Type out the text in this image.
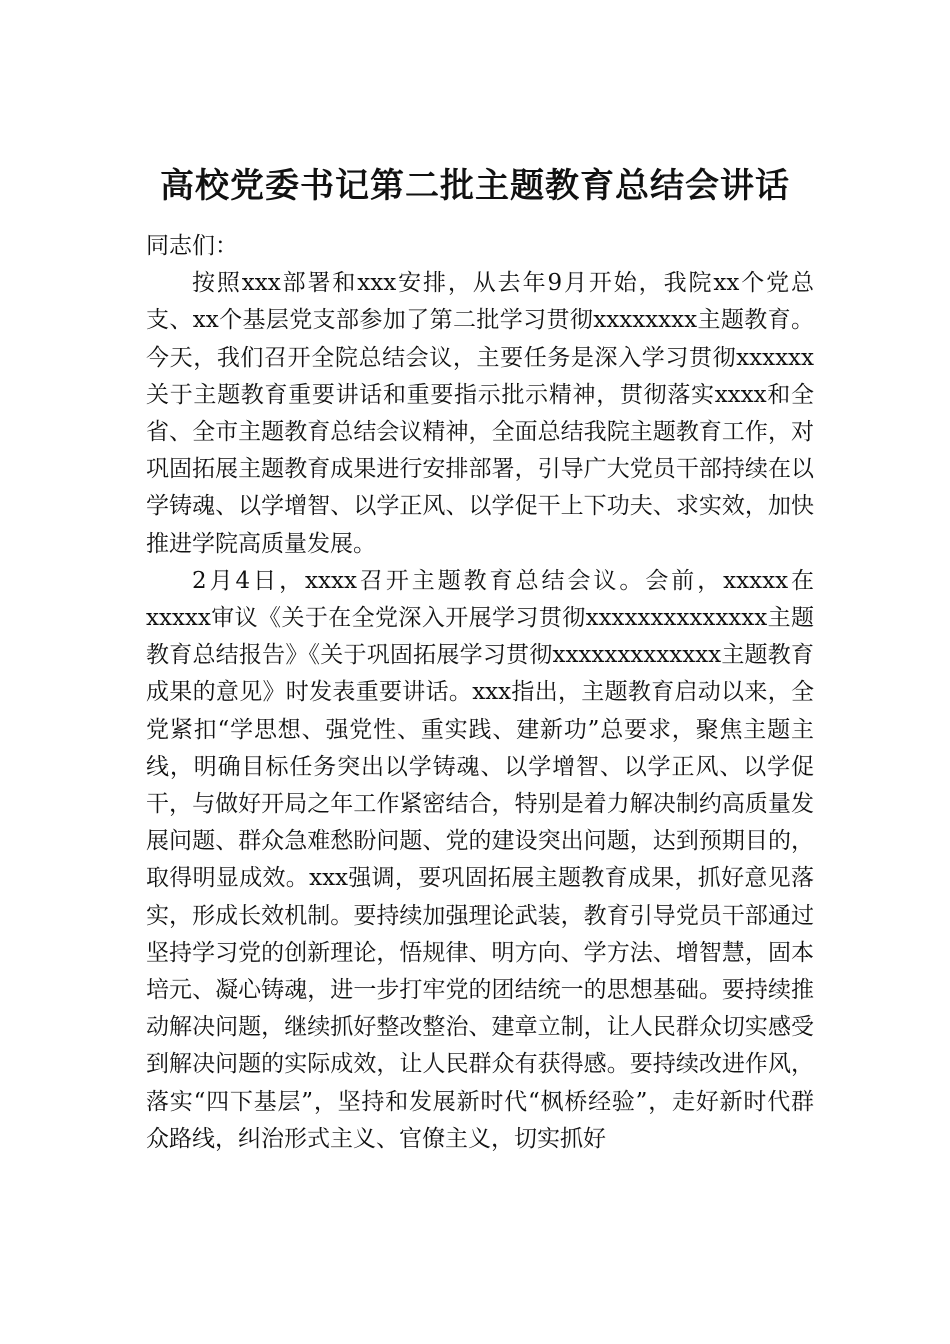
高校党委书记第二批主题教育总结会讲话

同志们：

按照xxx部署和xxx安排，从去年9月开始，我院xx个党总支、xx个基层党支部参加了第二批学习贯彻xxxxxxxx主题教育。今天，我们召开全院总结会议，主要任务是深入学习贯彻xxxxxx关于主题教育重要讲话和重要指示批示精神，贯彻落实xxxx和全省、全市主题教育总结会议精神，全面总结我院主题教育工作，对巩固拓展主题教育成果进行安排部署，引导广大党员干部持续在以学铸魂、以学增智、以学正风、以学促干上下功夫、求实效，加快推进学院高质量发展。

2月4日，xxxx召开主题教育总结会议。会前，xxxxx在xxxxx审议《关于在全党深入开展学习贯彻xxxxxxxxxxxxxx主题教育总结报告》《关于巩固拓展学习贯彻xxxxxxxxxxxxx主题教育成果的意见》时发表重要讲话。xxx指出，主题教育启动以来，全党紧扣“学思想、强党性、重实践、建新功”总要求，聚焦主题主线，明确目标任务突出以学铸魂、以学增智、以学正风、以学促干，与做好开局之年工作紧密结合，特别是着力解决制约高质量发展问题、群众急难愁盼问题、党的建设突出问题，达到预期目的，取得明显成效。xxx强调，要巩固拓展主题教育成果，抓好意见落实，形成长效机制。要持续加强理论武装，教育引导党员干部通过坚持学习党的创新理论，悟规律、明方向、学方法、增智慧，固本培元、凝心铸魂，进一步打牢党的团结统一的思想基础。要持续推动解决问题，继续抓好整改整治、建章立制，让人民群众切实感受到解决问题的实际成效，让人民群众有获得感。要持续改进作风，落实“四下基层”，坚持和发展新时代“枫桥经验”，走好新时代群众路线，纠治形式主义、官僚主义，切实抓好
